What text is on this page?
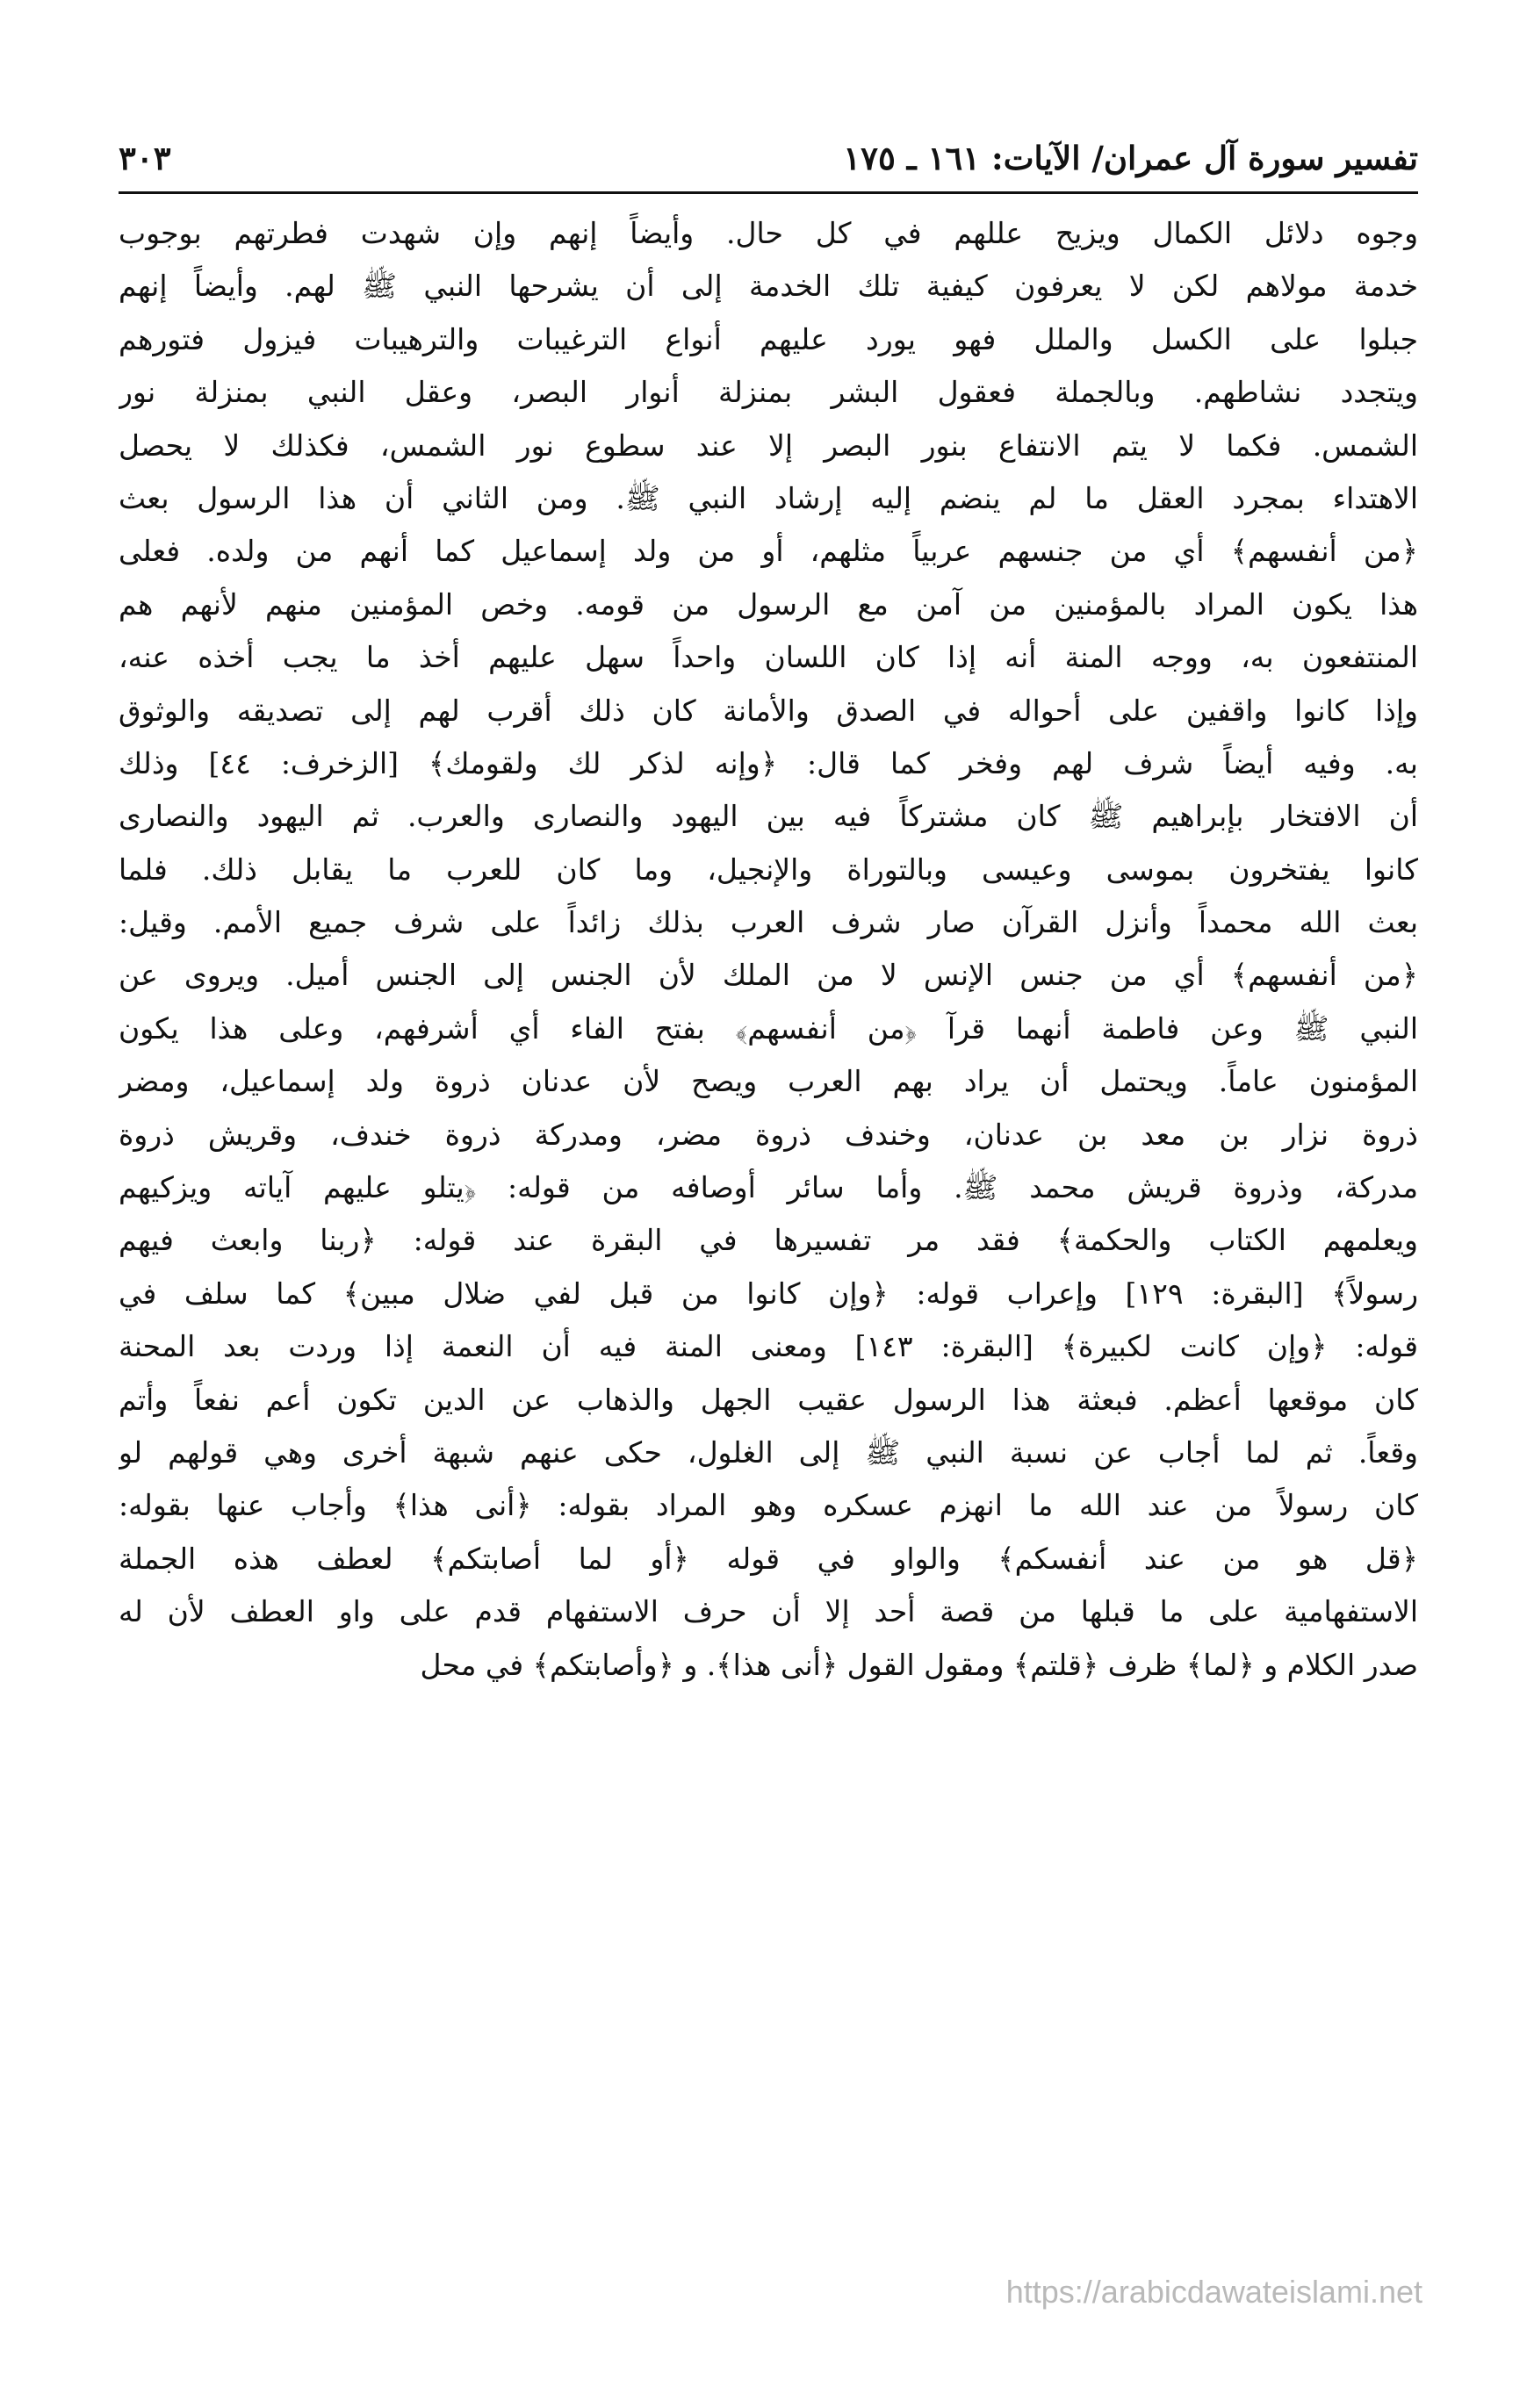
تفسير سورة آل عمران/ الآيات: ١٦١ ـ ١٧٥
٣٠٣
وجوه دلائل الكمال ويزيح عللهم في كل حال. وأيضاً إنهم وإن شهدت فطرتهم بوجوب
خدمة مولاهم لكن لا يعرفون كيفية تلك الخدمة إلى أن يشرحها النبي ﷺ لهم. وأيضاً إنهم
جبلوا على الكسل والملل فهو يورد عليهم أنواع الترغيبات والترهيبات فيزول فتورهم
ويتجدد نشاطهم. وبالجملة فعقول البشر بمنزلة أنوار البصر، وعقل النبي بمنزلة نور
الشمس. فكما لا يتم الانتفاع بنور البصر إلا عند سطوع نور الشمس، فكذلك لا يحصل
الاهتداء بمجرد العقل ما لم ينضم إليه إرشاد النبي ﷺ. ومن الثاني أن هذا الرسول بعث
﴿من أنفسهم﴾ أي من جنسهم عربياً مثلهم، أو من ولد إسماعيل كما أنهم من ولده. فعلى
هذا يكون المراد بالمؤمنين من آمن مع الرسول من قومه. وخص المؤمنين منهم لأنهم هم
المنتفعون به، ووجه المنة أنه إذا كان اللسان واحداً سهل عليهم أخذ ما يجب أخذه عنه،
وإذا كانوا واقفين على أحواله في الصدق والأمانة كان ذلك أقرب لهم إلى تصديقه والوثوق
به. وفيه أيضاً شرف لهم وفخر كما قال: ﴿وإنه لذكر لك ولقومك﴾ [الزخرف: ٤٤] وذلك
أن الافتخار بإبراهيم ﷺ كان مشتركاً فيه بين اليهود والنصارى والعرب. ثم اليهود والنصارى
كانوا يفتخرون بموسى وعيسى وبالتوراة والإنجيل، وما كان للعرب ما يقابل ذلك. فلما
بعث الله محمداً وأنزل القرآن صار شرف العرب بذلك زائداً على شرف جميع الأمم. وقيل:
﴿من أنفسهم﴾ أي من جنس الإنس لا من الملك لأن الجنس إلى الجنس أميل. ويروى عن
النبي ﷺ وعن فاطمة أنهما قرآ ﴿من أنفسهم﴾ بفتح الفاء أي أشرفهم، وعلى هذا يكون
المؤمنون عاماً. ويحتمل أن يراد بهم العرب ويصح لأن عدنان ذروة ولد إسماعيل، ومضر
ذروة نزار بن معد بن عدنان، وخندف ذروة مضر، ومدركة ذروة خندف، وقريش ذروة
مدركة، وذروة قريش محمد ﷺ. وأما سائر أوصافه من قوله: ﴿يتلو عليهم آياته ويزكيهم
ويعلمهم الكتاب والحكمة﴾ فقد مر تفسيرها في البقرة عند قوله: ﴿ربنا وابعث فيهم
رسولاً﴾ [البقرة: ١٢٩] وإعراب قوله: ﴿وإن كانوا من قبل لفي ضلال مبين﴾ كما سلف في
قوله: ﴿وإن كانت لكبيرة﴾ [البقرة: ١٤٣] ومعنى المنة فيه أن النعمة إذا وردت بعد المحنة
كان موقعها أعظم. فبعثة هذا الرسول عقيب الجهل والذهاب عن الدين تكون أعم نفعاً وأتم
وقعاً. ثم لما أجاب عن نسبة النبي ﷺ إلى الغلول، حكى عنهم شبهة أخرى وهي قولهم لو
كان رسولاً من عند الله ما انهزم عسكره وهو المراد بقوله: ﴿أنى هذا﴾ وأجاب عنها بقوله:
﴿قل هو من عند أنفسكم﴾ والواو في قوله ﴿أو لما أصابتكم﴾ لعطف هذه الجملة
الاستفهامية على ما قبلها من قصة أحد إلا أن حرف الاستفهام قدم على واو العطف لأن له
صدر الكلام و ﴿لما﴾ ظرف ﴿قلتم﴾ ومقول القول ﴿أنى هذا﴾. و ﴿وأصابتكم﴾ في محل
https://arabicdawateislami.net
